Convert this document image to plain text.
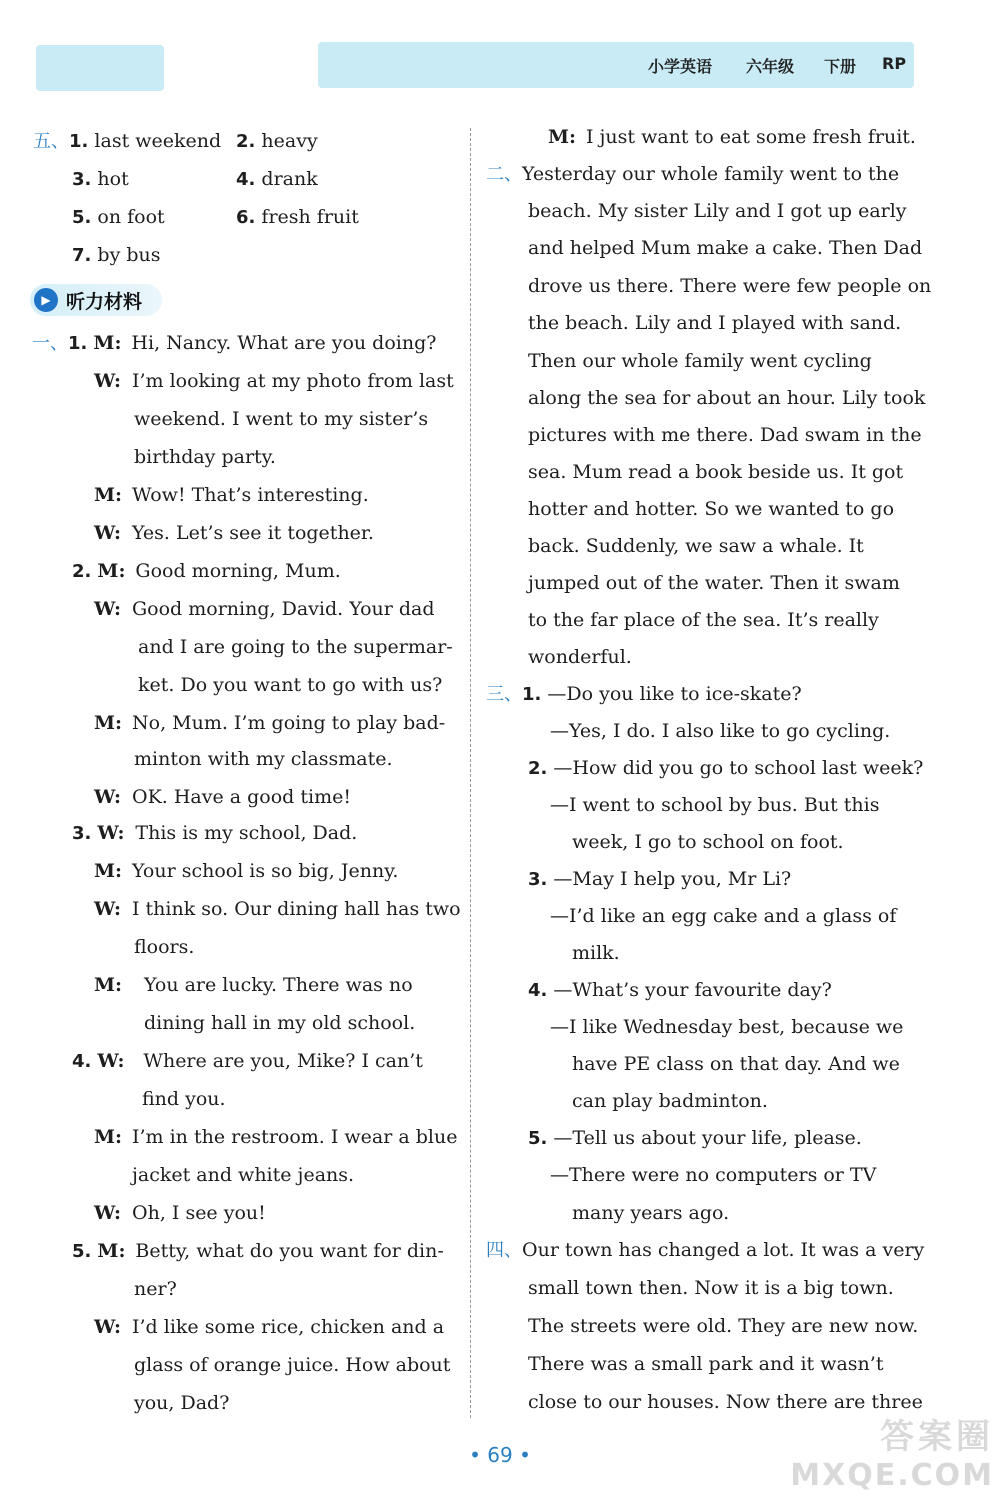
小学英语 六年级 下册 RP
五、1. last weekend 2. heavy
3. hot	4. drank
5. on foot	6. fresh fruit
7. by bus
▶ 听力材料
一、1. M: Hi, Nancy. What are you doing?
W: I’m looking at my photo from last
weekend. I went to my sister’s
birthday party.
M: Wow! That’s interesting.
W: Yes. Let’s see it together.
2. M: Good morning, Mum.
W: Good morning, David. Your dad
and I are going to the supermar-
ket. Do you want to go with us?
M: No, Mum. I’m going to play bad-
minton with my classmate.
W: OK. Have a good time!
3. W: This is my school, Dad.
M: Your school is so big, Jenny.
W: I think so. Our dining hall has two
floors.
M: You are lucky. There was no
dining hall in my old school.
4. W: Where are you, Mike? I can’t
find you.
M: I’m in the restroom. I wear a blue
jacket and white jeans.
W: Oh, I see you!
5. M: Betty, what do you want for din-
ner?
W: I’d like some rice, chicken and a
glass of orange juice. How about
you, Dad?
M: I just want to eat some fresh fruit.
二、Yesterday our whole family went to the
beach. My sister Lily and I got up early
and helped Mum make a cake. Then Dad
drove us there. There were few people on
the beach. Lily and I played with sand.
Then our whole family went cycling
along the sea for about an hour. Lily took
pictures with me there. Dad swam in the
sea. Mum read a book beside us. It got
hotter and hotter. So we wanted to go
back. Suddenly, we saw a whale. It
jumped out of the water. Then it swam
to the far place of the sea. It’s really
wonderful.
三、1. —Do you like to ice-skate?
—Yes, I do. I also like to go cycling.
2. —How did you go to school last week?
—I went to school by bus. But this
week, I go to school on foot.
3. —May I help you, Mr Li?
—I’d like an egg cake and a glass of
milk.
4. —What’s your favourite day?
—I like Wednesday best, because we
have PE class on that day. And we
can play badminton.
5. —Tell us about your life, please.
—There were no computers or TV
many years ago.
四、Our town has changed a lot. It was a very
small town then. Now it is a big town.
The streets were old. They are new now.
There was a small park and it wasn’t
close to our houses. Now there are three
• 69 •	答案圈
MXQE.COM
